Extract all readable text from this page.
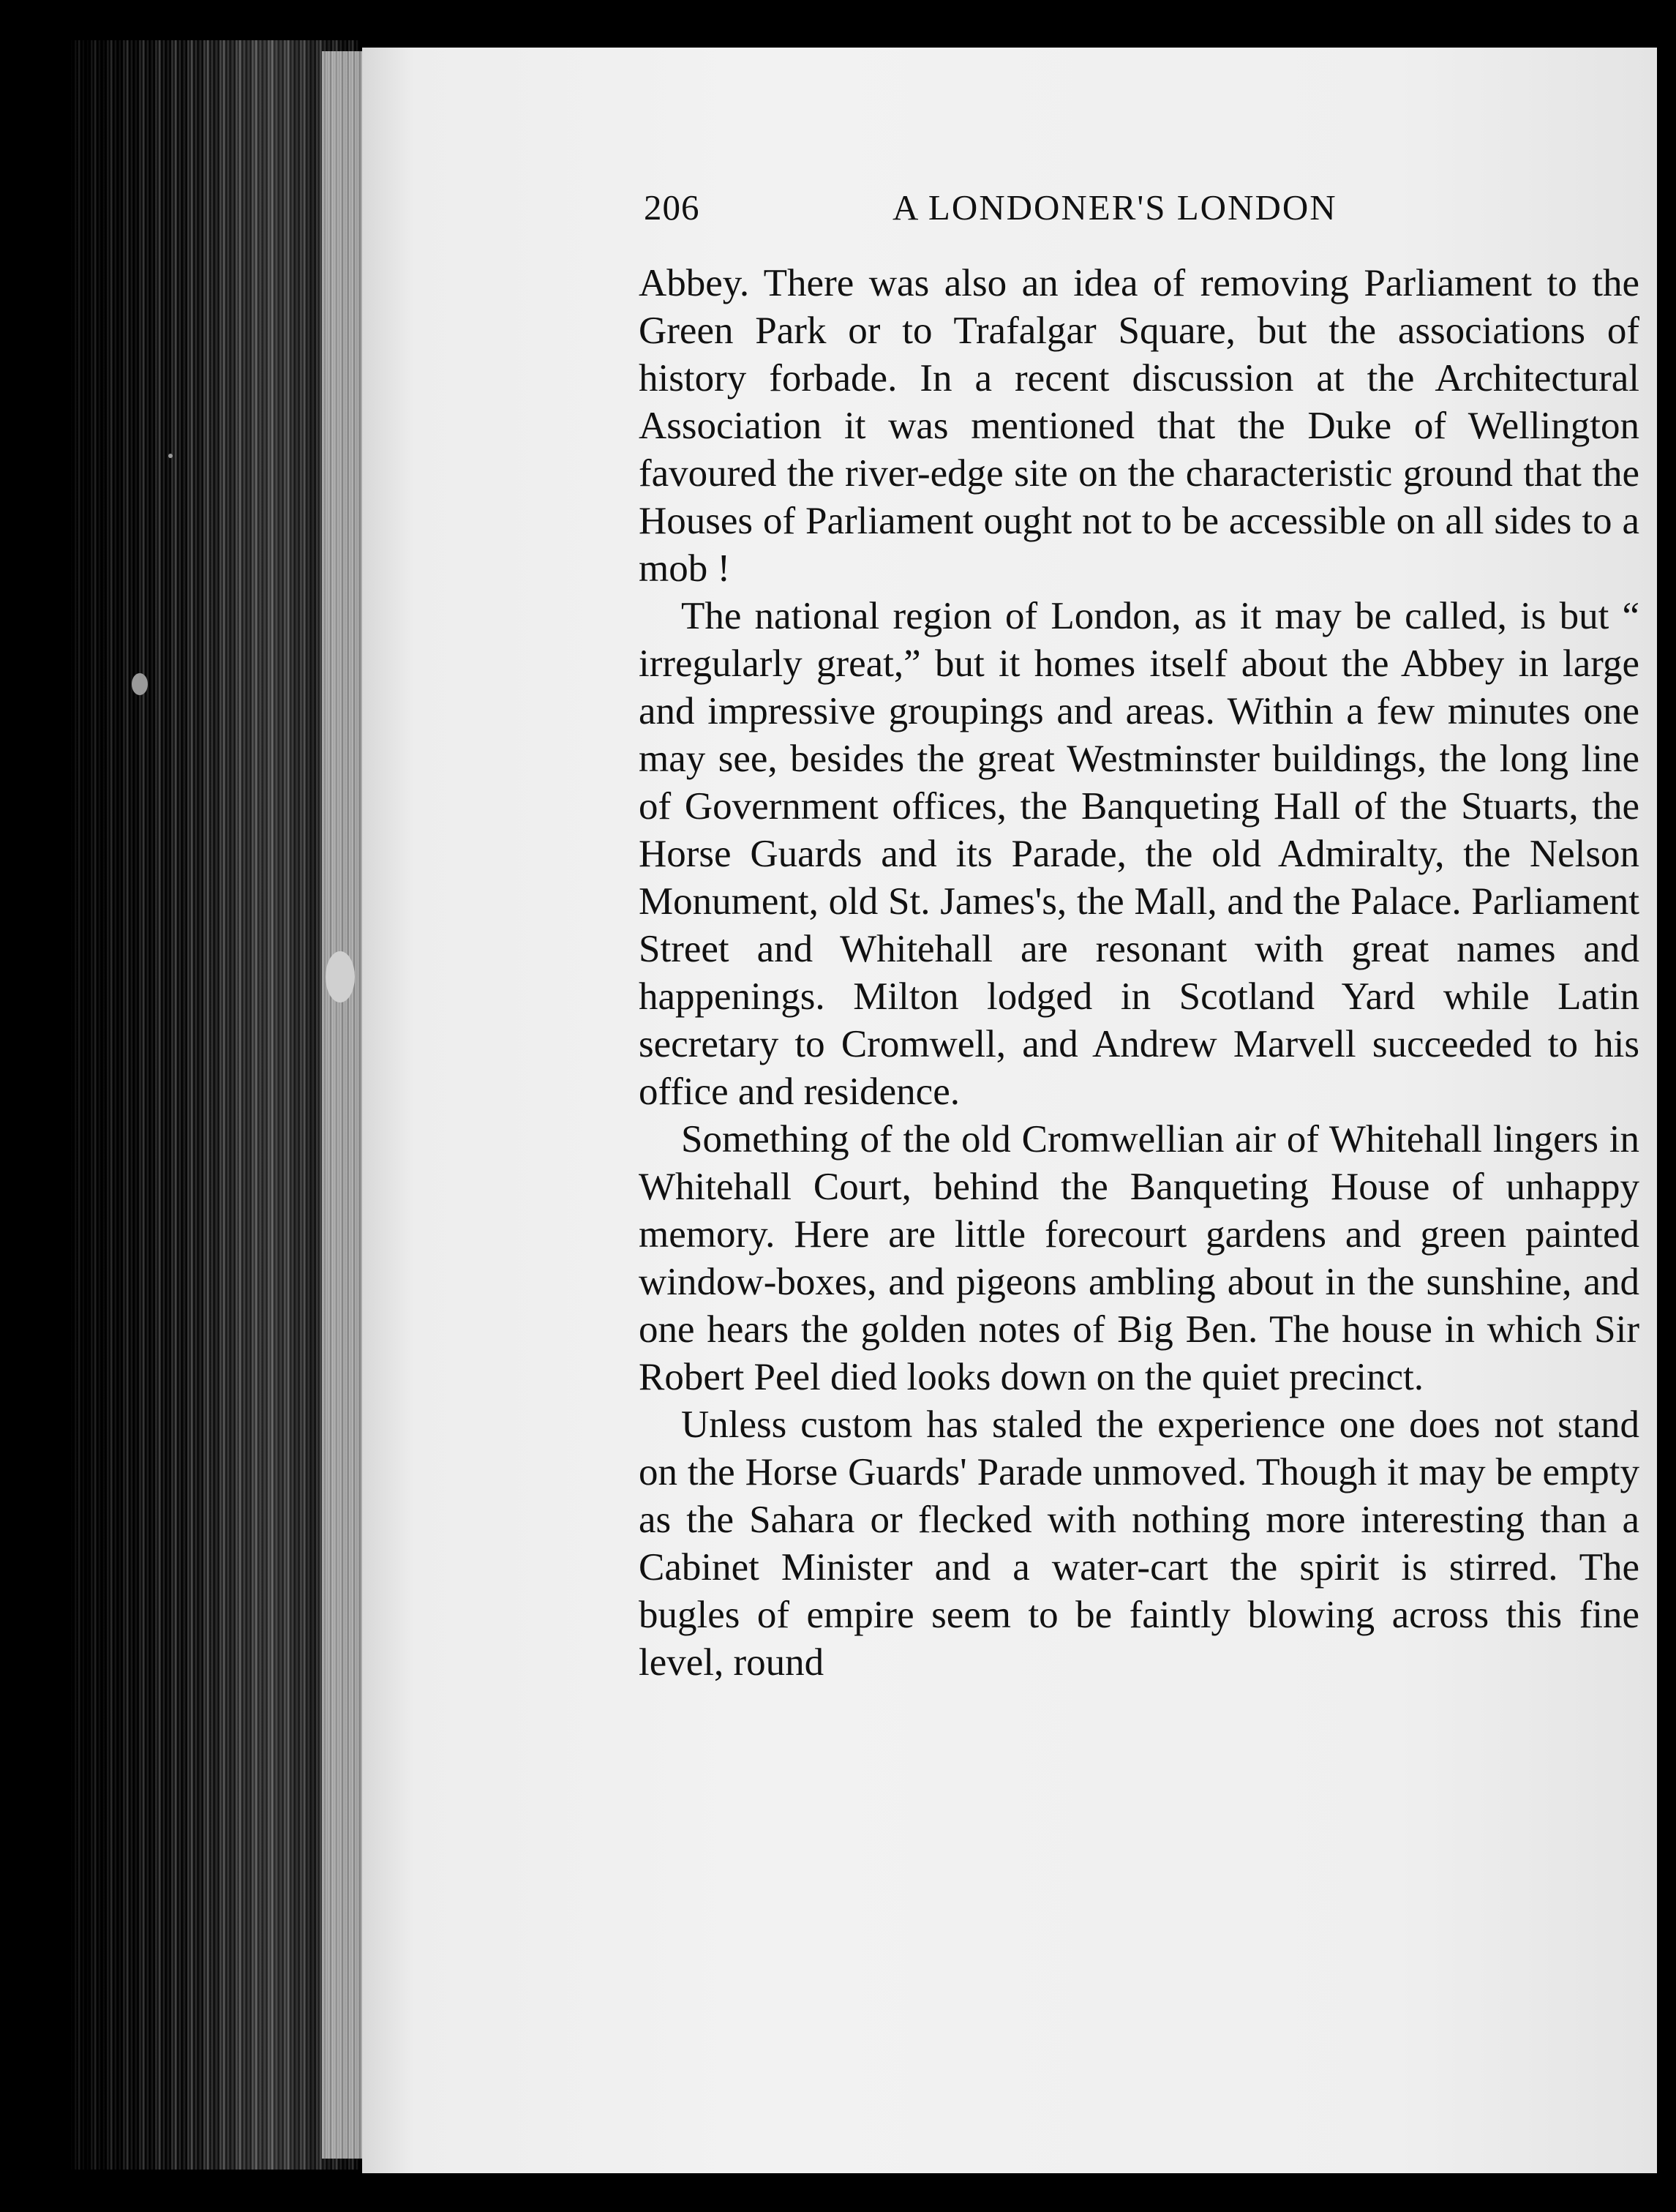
206	A LONDONER'S LONDON

Abbey. There was also an idea of removing Parliament to the Green Park or to Trafalgar Square, but the associations of history forbade. In a recent discussion at the Architectural Association it was mentioned that the Duke of Wellington favoured the river-edge site on the characteristic ground that the Houses of Parliament ought not to be accessible on all sides to a mob !

The national region of London, as it may be called, is but “ irregularly great,” but it homes itself about the Abbey in large and impressive groupings and areas. Within a few minutes one may see, besides the great Westminster buildings, the long line of Government offices, the Banqueting Hall of the Stuarts, the Horse Guards and its Parade, the old Admiralty, the Nelson Monument, old St. James's, the Mall, and the Palace. Parliament Street and Whitehall are resonant with great names and happenings. Milton lodged in Scotland Yard while Latin secretary to Cromwell, and Andrew Marvell succeeded to his office and residence.

Something of the old Cromwellian air of Whitehall lingers in Whitehall Court, behind the Banqueting House of unhappy memory. Here are little forecourt gardens and green painted window-boxes, and pigeons ambling about in the sunshine, and one hears the golden notes of Big Ben. The house in which Sir Robert Peel died looks down on the quiet precinct.

Unless custom has staled the experience one does not stand on the Horse Guards' Parade unmoved. Though it may be empty as the Sahara or flecked with nothing more interesting than a Cabinet Minister and a water-cart the spirit is stirred. The bugles of empire seem to be faintly blowing across this fine level, round
